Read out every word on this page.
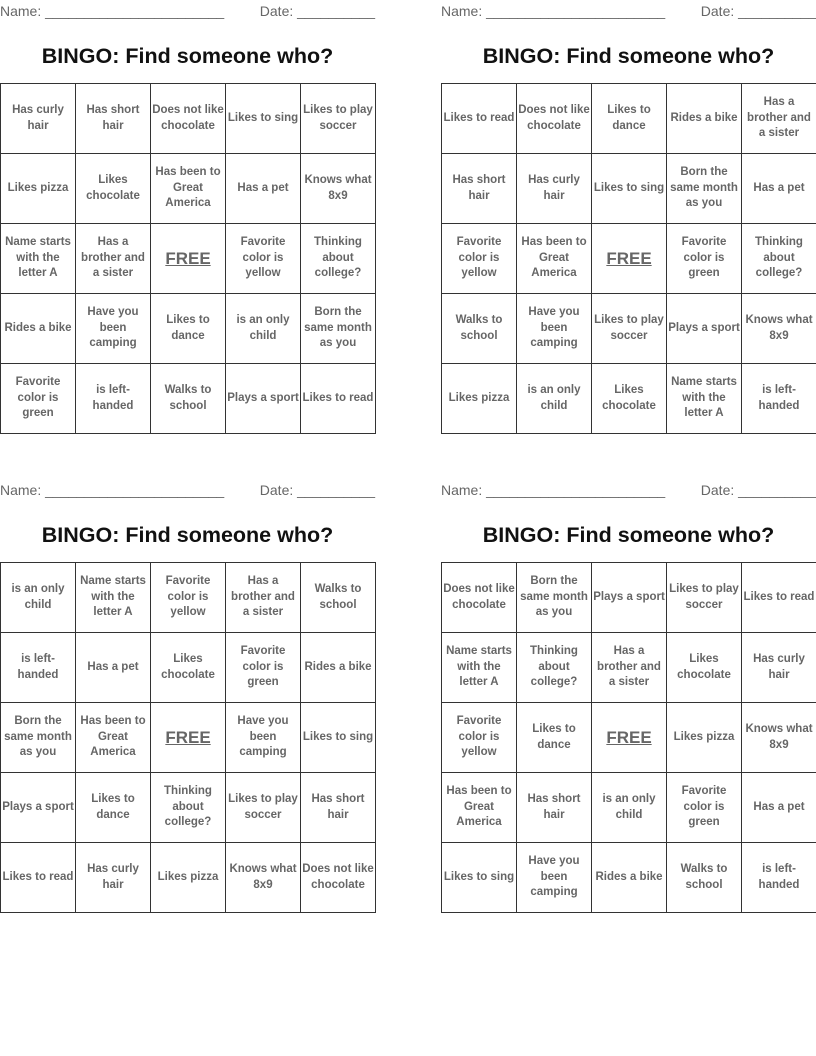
Name: _______________________	Date: __________
BINGO: Find someone who?
Has curly hair	Has short hair	Does not like chocolate	Likes to sing	Likes to play soccer
Likes pizza	Likes chocolate	Has been to Great America	Has a pet	Knows what 8x9
Name starts with the letter A	Has a brother and a sister	FREE	Favorite color is yellow	Thinking about college?
Rides a bike	Have you been camping	Likes to dance	is an only child	Born the same month as you
Favorite color is green	is left-handed	Walks to school	Plays a sport	Likes to read
Name: _______________________	Date: __________
BINGO: Find someone who?
Likes to read	Does not like chocolate	Likes to dance	Rides a bike	Has a brother and a sister
Has short hair	Has curly hair	Likes to sing	Born the same month as you	Has a pet
Favorite color is yellow	Has been to Great America	FREE	Favorite color is green	Thinking about college?
Walks to school	Have you been camping	Likes to play soccer	Plays a sport	Knows what 8x9
Likes pizza	is an only child	Likes chocolate	Name starts with the letter A	is left-handed
Name: _______________________	Date: __________
BINGO: Find someone who?
is an only child	Name starts with the letter A	Favorite color is yellow	Has a brother and a sister	Walks to school
is left-handed	Has a pet	Likes chocolate	Favorite color is green	Rides a bike
Born the same month as you	Has been to Great America	FREE	Have you been camping	Likes to sing
Plays a sport	Likes to dance	Thinking about college?	Likes to play soccer	Has short hair
Likes to read	Has curly hair	Likes pizza	Knows what 8x9	Does not like chocolate
Name: _______________________	Date: __________
BINGO: Find someone who?
Does not like chocolate	Born the same month as you	Plays a sport	Likes to play soccer	Likes to read
Name starts with the letter A	Thinking about college?	Has a brother and a sister	Likes chocolate	Has curly hair
Favorite color is yellow	Likes to dance	FREE	Likes pizza	Knows what 8x9
Has been to Great America	Has short hair	is an only child	Favorite color is green	Has a pet
Likes to sing	Have you been camping	Rides a bike	Walks to school	is left-handed
